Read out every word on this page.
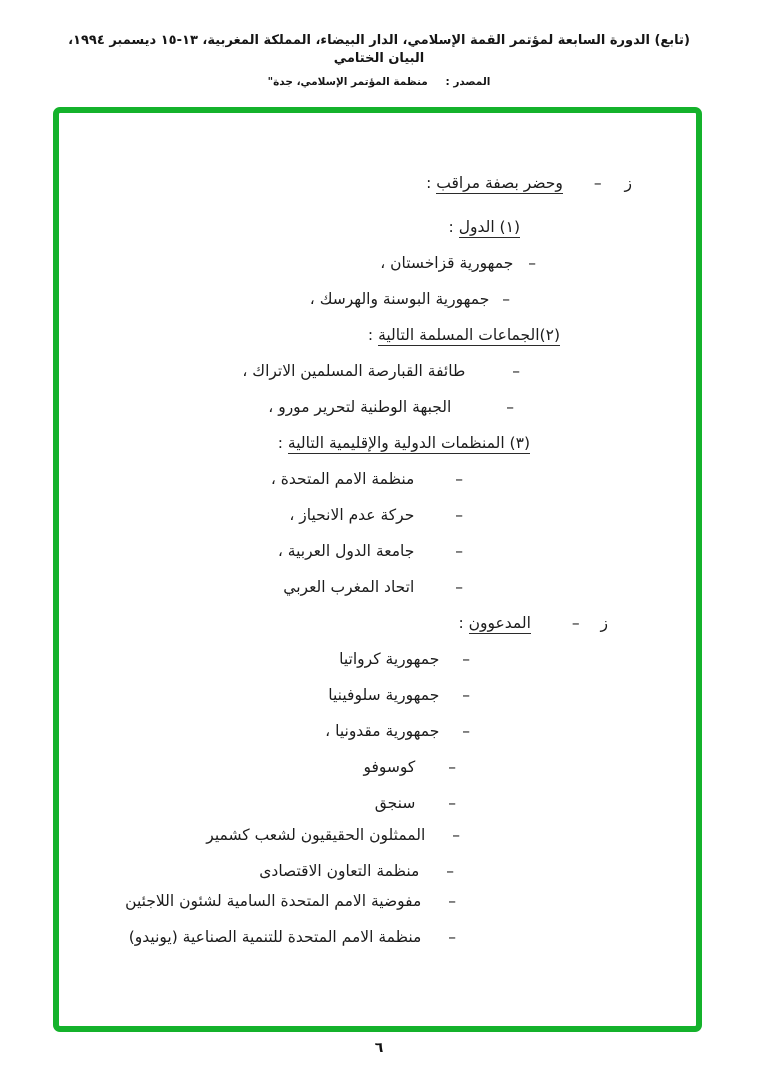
(تابع) الدورة السابعة لمؤتمر القمة الإسلامي، الدار البيضاء، المملكة المغربية، ١٣-١٥ ديسمبر ١٩٩٤، البيان الختامي
المصدر : منظمة المؤتمر الإسلامي، جدة"
ز – وحضر بصفة مراقب :
(١) الدول :
– جمهورية قزاخستان ،
– جمهورية البوسنة والهرسك ،
(٢)الجماعات المسلمة التالية :
– طائفة القبارصة المسلمين الاتراك ،
– الجبهة الوطنية لتحرير مورو ،
(٣) المنظمات الدولية والإقليمية التالية :
– منظمة الامم المتحدة ،
– حركة عدم الانحياز ،
– جامعة الدول العربية ،
– اتحاد المغرب العربي
ز – المدعوون :
– جمهورية كرواتيا
– جمهورية سلوفينيا
– جمهورية مقدونيا ،
– كوسوفو
– سنجق
– الممثلون الحقيقيون لشعب كشمير
– منظمة التعاون الاقتصادى
– مفوضية الامم المتحدة السامية لشئون اللاجئين
– منظمة الامم المتحدة للتنمية الصناعية (يونيدو)
٦
